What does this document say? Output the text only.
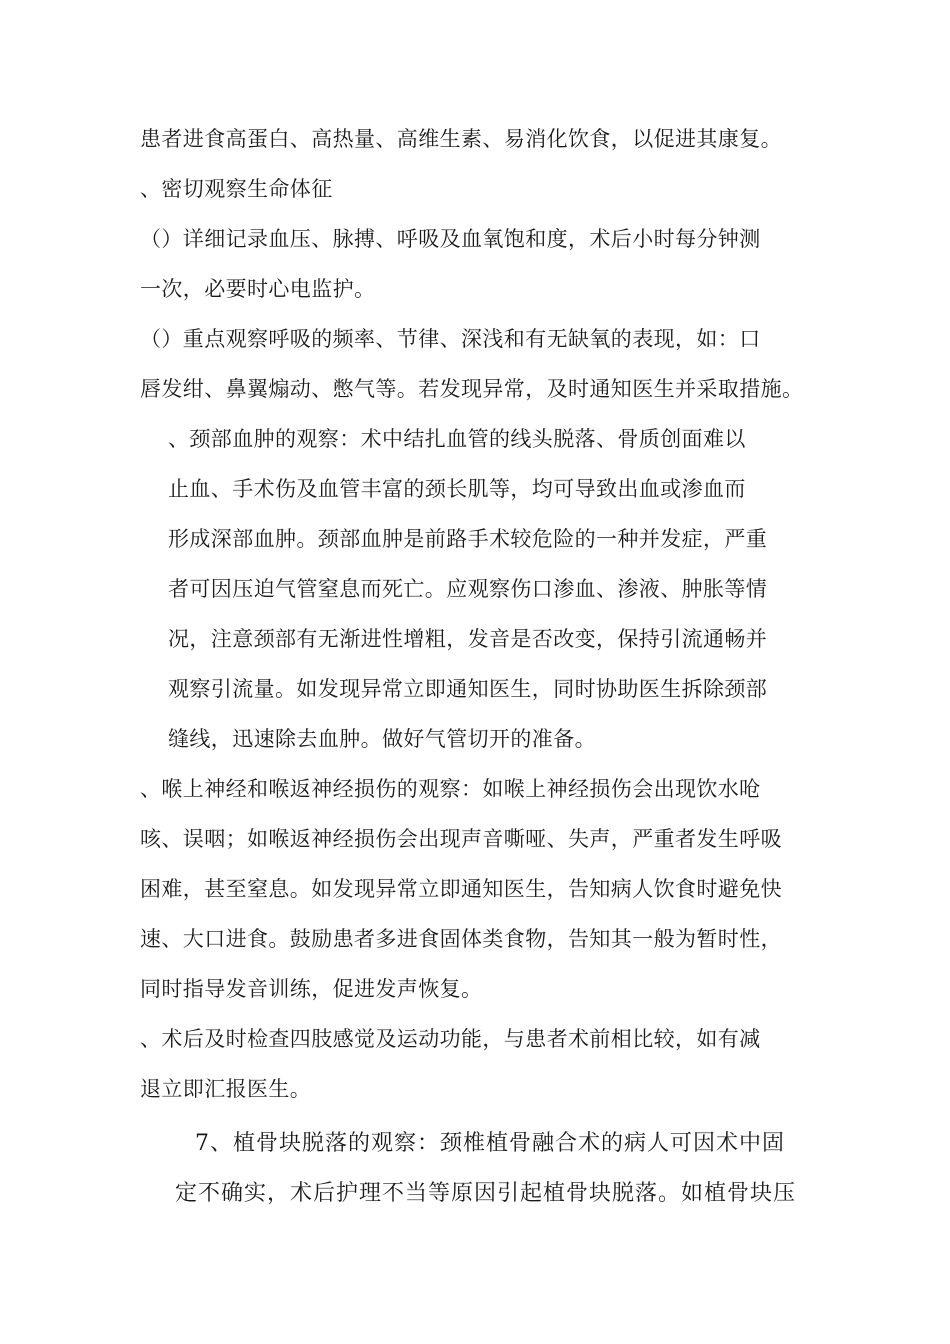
患者进食高蛋白、高热量、高维生素、易消化饮食，以促进其康复。
、密切观察生命体征
（）详细记录血压、脉搏、呼吸及血氧饱和度，术后小时每分钟测
一次，必要时心电监护。
（）重点观察呼吸的频率、节律、深浅和有无缺氧的表现，如：口
唇发绀、鼻翼煽动、憋气等。若发现异常，及时通知医生并采取措施。
、颈部血肿的观察：术中结扎血管的线头脱落、骨质创面难以
止血、手术伤及血管丰富的颈长肌等，均可导致出血或渗血而
形成深部血肿。颈部血肿是前路手术较危险的一种并发症，严重
者可因压迫气管窒息而死亡。应观察伤口渗血、渗液、肿胀等情
况，注意颈部有无渐进性增粗，发音是否改变，保持引流通畅并
观察引流量。如发现异常立即通知医生，同时协助医生拆除颈部
缝线，迅速除去血肿。做好气管切开的准备。
、喉上神经和喉返神经损伤的观察：如喉上神经损伤会出现饮水呛
咳、误咽；如喉返神经损伤会出现声音嘶哑、失声，严重者发生呼吸
困难，甚至窒息。如发现异常立即通知医生，告知病人饮食时避免快
速、大口进食。鼓励患者多进食固体类食物，告知其一般为暂时性，
同时指导发音训练，促进发声恢复。
、术后及时检查四肢感觉及运动功能，与患者术前相比较，如有减
退立即汇报医生。
7、植骨块脱落的观察：颈椎植骨融合术的病人可因术中固
定不确实，术后护理不当等原因引起植骨块脱落。如植骨块压
